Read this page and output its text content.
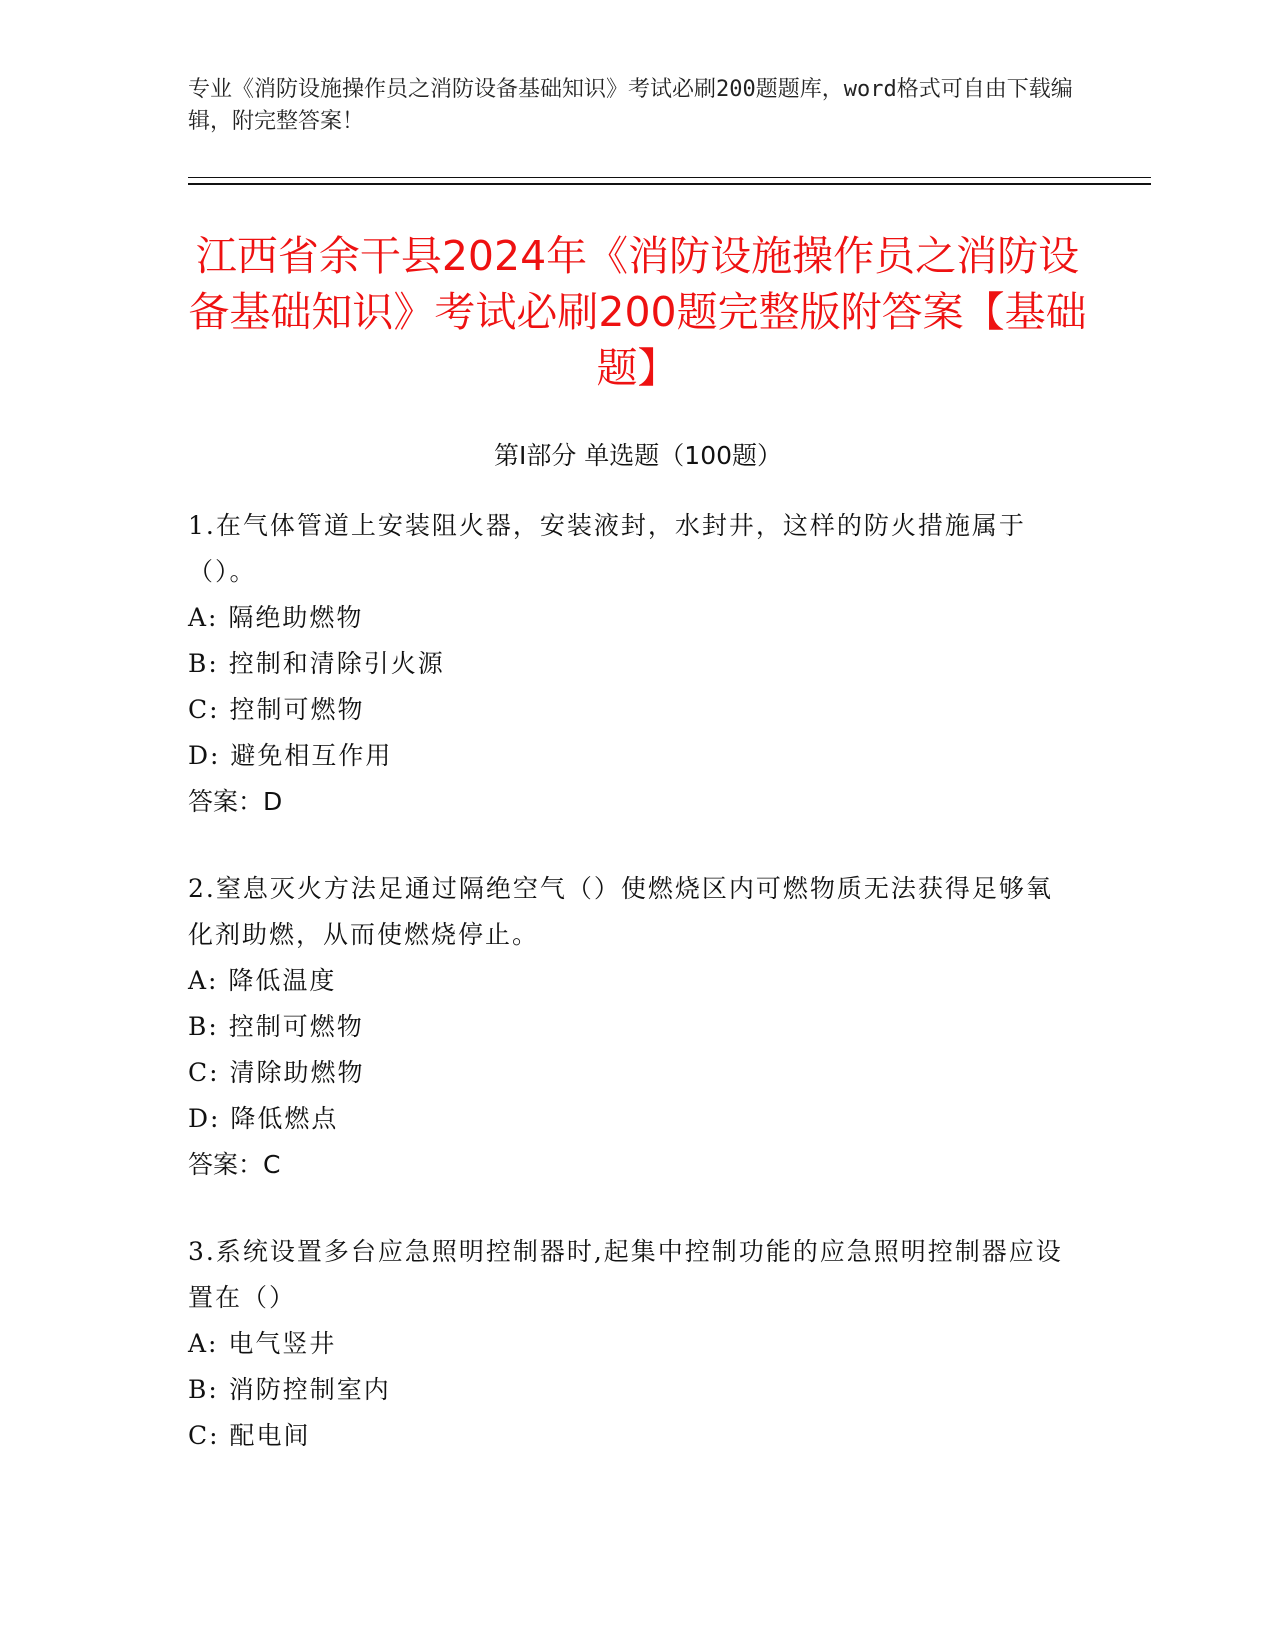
专业《消防设施操作员之消防设备基础知识》考试必刷200题题库，word格式可自由下载编辑，附完整答案！
江西省余干县2024年《消防设施操作员之消防设备基础知识》考试必刷200题完整版附答案【基础题】
第Ⅰ部分 单选题（100题）
1.在气体管道上安装阻火器，安装液封，水封井，这样的防火措施属于（）。
A: 隔绝助燃物
B: 控制和清除引火源
C: 控制可燃物
D: 避免相互作用
答案：D
2.窒息灭火方法足通过隔绝空气（）使燃烧区内可燃物质无法获得足够氧化剂助燃，从而使燃烧停止。
A: 降低温度
B: 控制可燃物
C: 清除助燃物
D: 降低燃点
答案：C
3.系统设置多台应急照明控制器时,起集中控制功能的应急照明控制器应设置在（）
A: 电气竖井
B: 消防控制室内
C: 配电间
